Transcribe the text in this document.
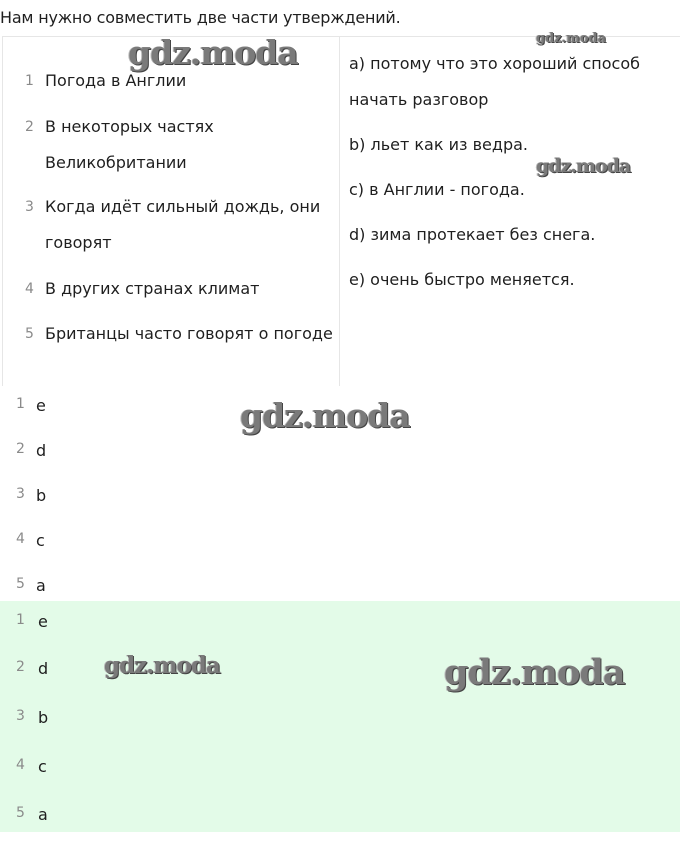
Нам нужно совместить две части утверждений.
1 Погода в Англии
2 В некоторых частях
Великобритании
3 Когда идёт сильный дождь, они
говорят
4 В других странах климат
5 Британцы часто говорят о погоде
a) потому что это хороший способ
начать разговор
b) льет как из ведра.
c) в Англии - погода.
d) зима протекает без снега.
e) очень быстро меняется.
1 e
2 d
3 b
4 c
5 a
1 e
2 d
3 b
4 c
5 a
gdz.moda	gdz.moda
gdz.moda
gdz.moda
gdz.moda	gdz.moda
